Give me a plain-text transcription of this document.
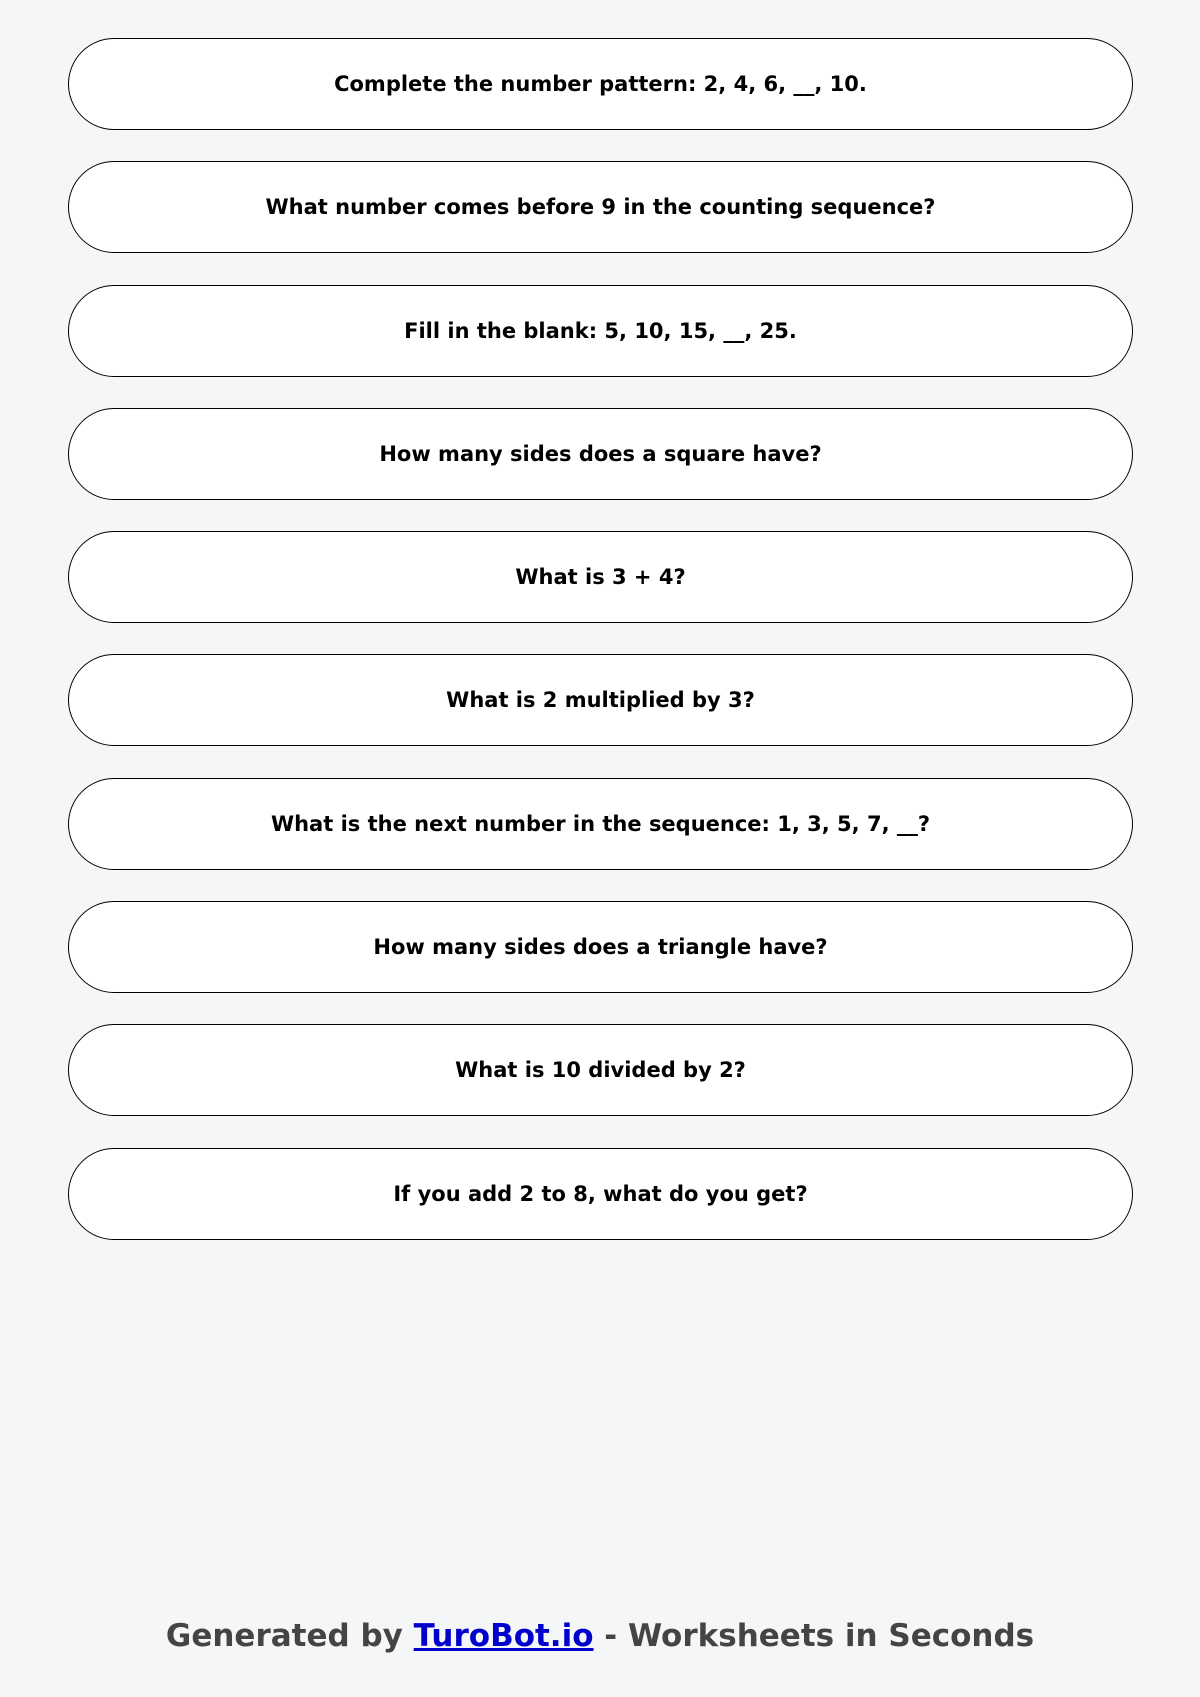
Complete the number pattern: 2, 4, 6, __, 10.
What number comes before 9 in the counting sequence?
Fill in the blank: 5, 10, 15, __, 25.
How many sides does a square have?
What is 3 + 4?
What is 2 multiplied by 3?
What is the next number in the sequence: 1, 3, 5, 7, __?
How many sides does a triangle have?
What is 10 divided by 2?
If you add 2 to 8, what do you get?
Generated by TuroBot.io - Worksheets in Seconds
